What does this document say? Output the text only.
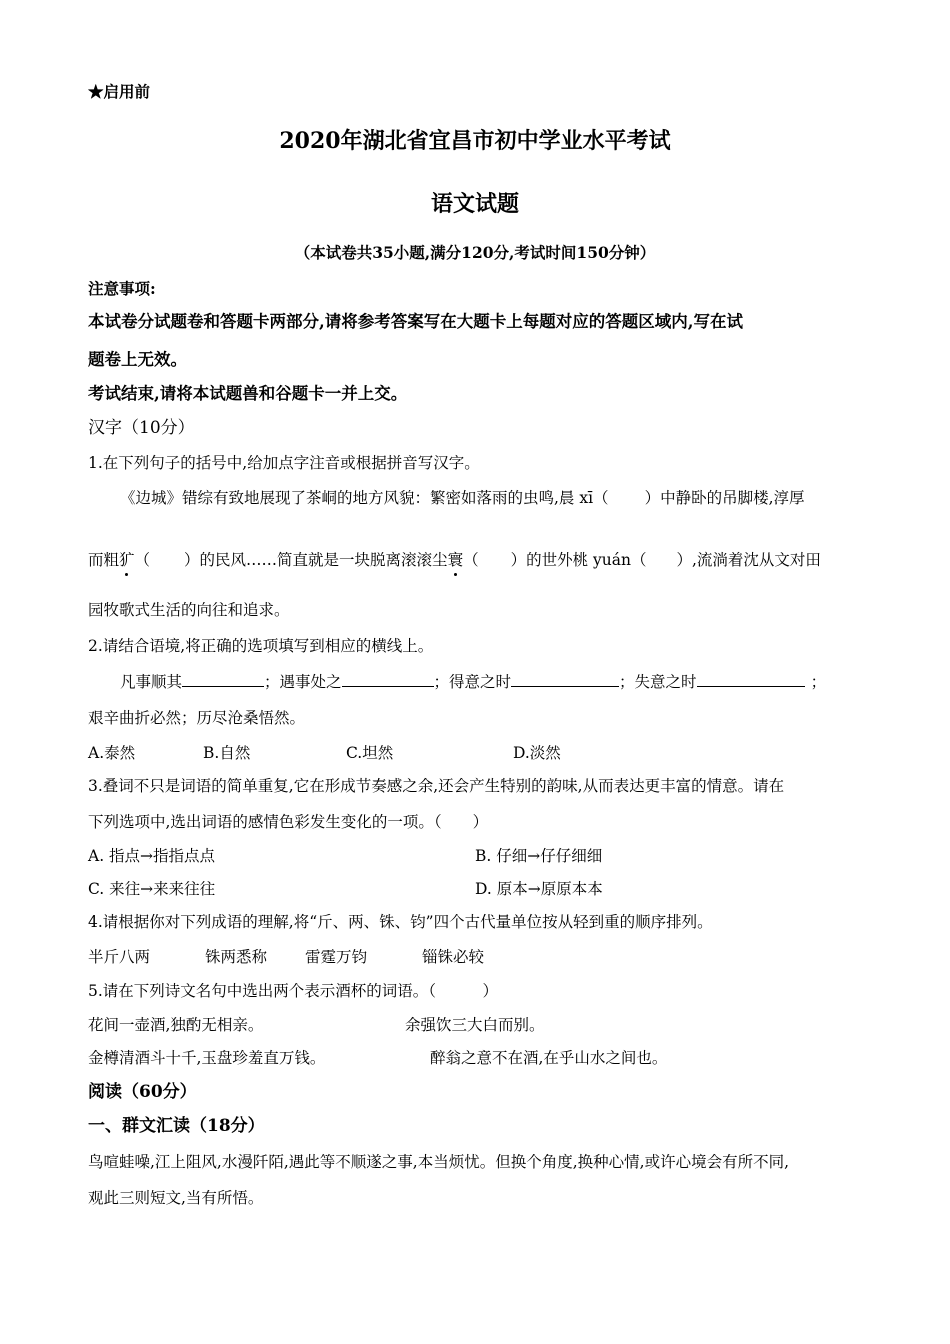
★启用前
2020年湖北省宜昌市初中学业水平考试
语文试题
（本试卷共35小题,满分120分,考试时间150分钟）
注意事项:
本试卷分试题卷和答题卡两部分,请将参考答案写在大题卡上每题对应的答题区域内,写在试
题卷上无效。
考试结束,请将本试题兽和谷题卡一并上交。
汉字（10分）
1.在下列句子的括号中,给加点字注音或根据拼音写汉字。
《边城》错综有致地展现了茶峒的地方风貌：繁密如落雨的虫鸣,晨 xī（ ）中静卧的吊脚楼,淳厚
而粗犷（ ）的民风……简直就是一块脱离滚滚尘寰（ ）的世外桃 yuán（ ）,流淌着沈从文对田
园牧歌式生活的向往和追求。
2.请结合语境,将正确的选项填写到相应的横线上。
凡事顺其	；遇事处之	；得意之时	；失意之时	；
艰辛曲折必然；历尽沧桑悟然。
A.泰然	B.自然	C.坦然	D.淡然
3.叠词不只是词语的简单重复,它在形成节奏感之余,还会产生特别的韵味,从而表达更丰富的情意。请在
下列选项中,选出词语的感情色彩发生变化的一项。（　　）
A. 指点→指指点点	B. 仔细→仔仔细细
C. 来往→来来往往	D. 原本→原原本本
4.请根据你对下列成语的理解,将“斤、两、铢、钧”四个古代量单位按从轻到重的顺序排列。
半斤八两	铢两悉称 雷霆万钧	锱铢必较
5.请在下列诗文名句中选出两个表示酒杯的词语。（　　　）
花间一壶酒,独酌无相亲。	余强饮三大白而别。
金樽清酒斗十千,玉盘珍羞直万钱。	醉翁之意不在酒,在乎山水之间也。
阅读（60分）
一、群文汇读（18分）
鸟喧蛙噪,江上阻风,水漫阡陌,遇此等不顺遂之事,本当烦忧。但换个角度,换种心情,或许心境会有所不同,
观此三则短文,当有所悟。
